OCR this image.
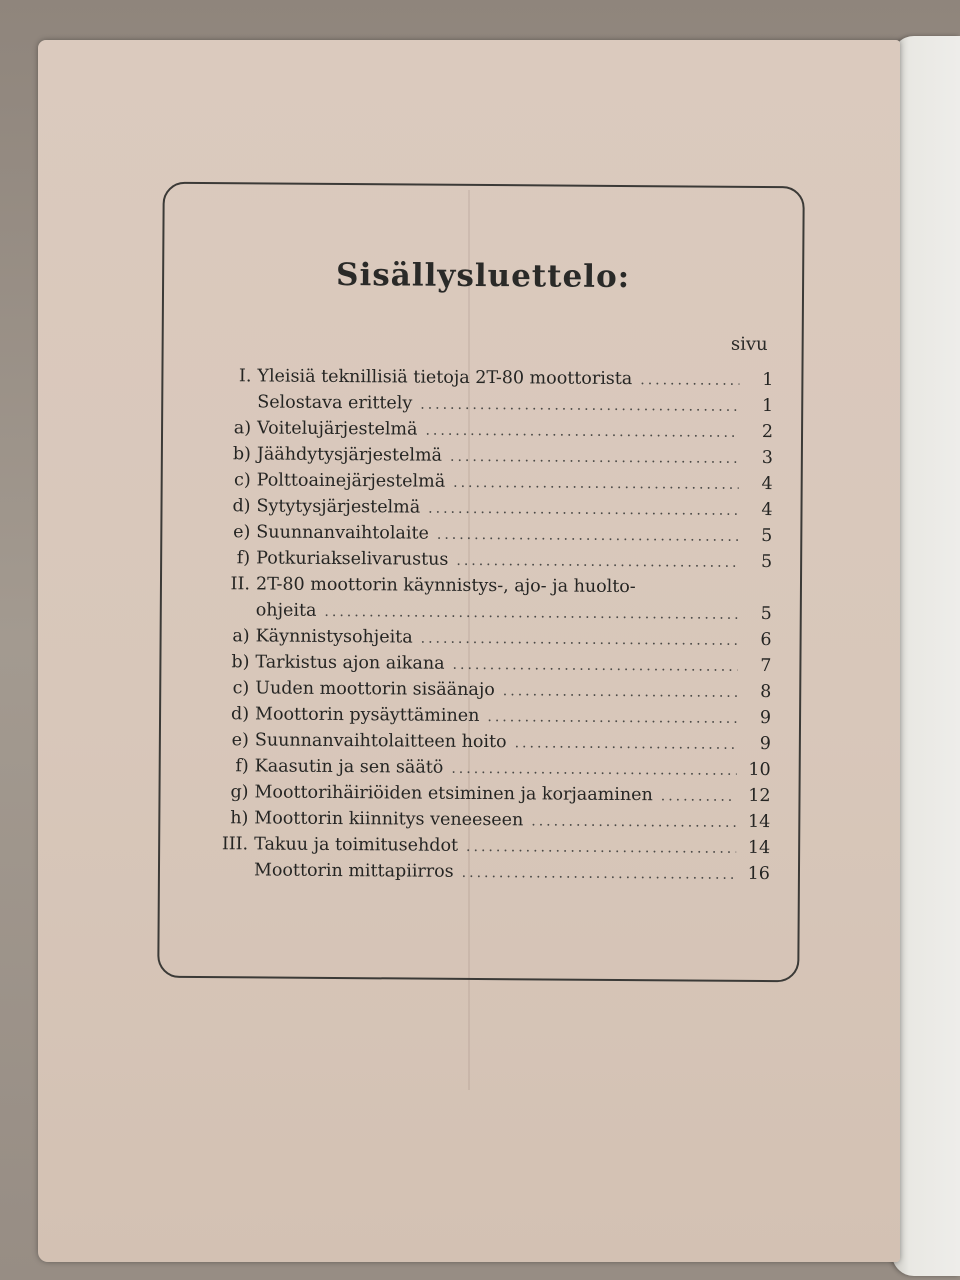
Sisällysluettelo:
sivu
I. Yleisiä teknillisiä tietoja 2T-80 moottorista .....	1
Selostava erittely .....	1
a) Voitelujärjestelmä .....	2
b) Jäähdytysjärjestelmä .....	3
c) Polttoainejärjestelmä .....	4
d) Sytytysjärjestelmä .....	4
e) Suunnanvaihtolaite .....	5
f) Potkuriakselivarustus .....	5
II. 2T-80 moottorin käynnistys-, ajo- ja huolto-
ohjeita .....	5
a) Käynnistysohjeita .....	6
b) Tarkistus ajon aikana .....	7
c) Uuden moottorin sisäänajo .....	8
d) Moottorin pysäyttäminen .....	9
e) Suunnanvaihtolaitteen hoito .....	9
f) Kaasutin ja sen säätö .....	10
g) Moottorihäiriöiden etsiminen ja korjaaminen .....	12
h) Moottorin kiinnitys veneeseen .....	14
III. Takuu ja toimitusehdot .....	14
Moottorin mittapiirros .....	16
